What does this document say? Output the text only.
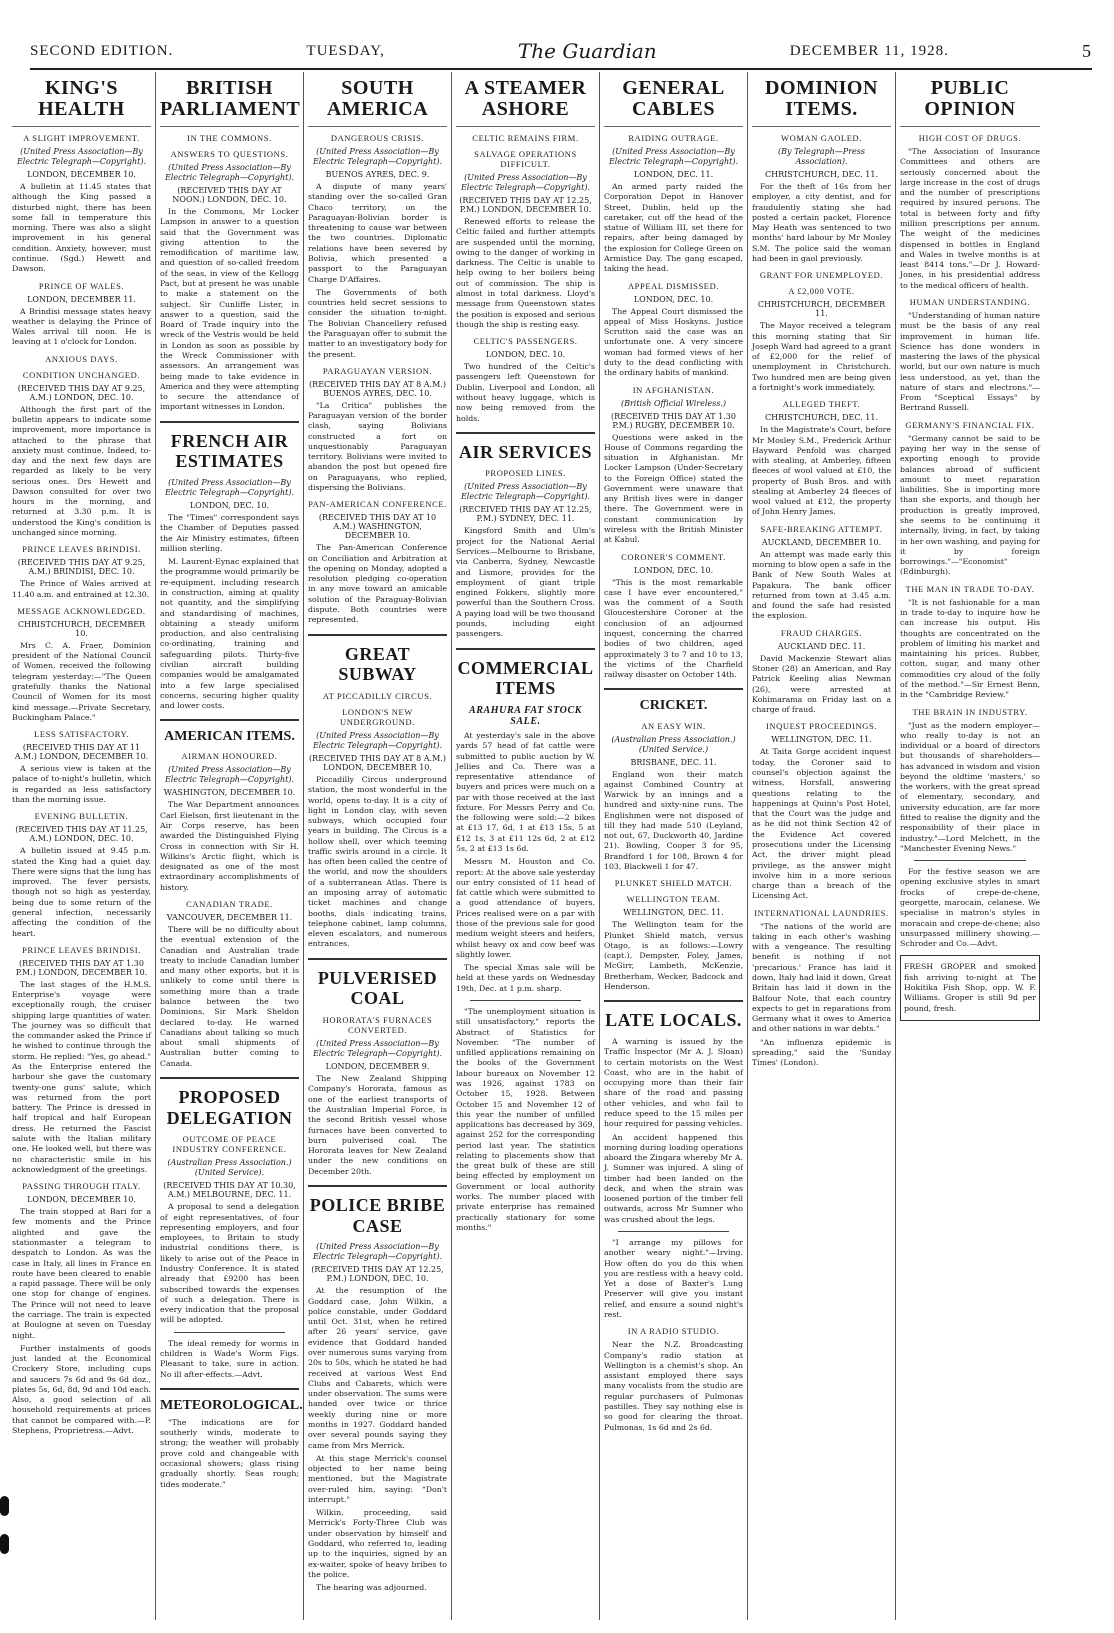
SECOND EDITION.	TUESDAY,	The Guardian	DECEMBER 11, 1928.	5
KING'S HEALTH
A SLIGHT IMPROVEMENT.
(United Press Association—By Electric Telegraph—Copyright).
LONDON, DECEMBER 10.

A bulletin at 11.45 states that although the King passed a disturbed night, there has been some fall in temperature this morning. There was also a slight improvement in his general condition. Anxiety, however, must continue. (Sgd.) Hewett and Dawson.

PRINCE OF WALES.
LONDON, DECEMBER 11.

A Brindisi message states heavy weather is delaying the Prince of Wales arrival till noon. He is leaving at 1 o'clock for London.

ANXIOUS DAYS.
CONDITION UNCHANGED.
(RECEIVED THIS DAY AT 9.25, A.M.) LONDON, DEC. 10.

Although the first part of the bulletin appears to indicate some improvement, more importance is attached to the phrase that anxiety must continue. Indeed, to-day and the next few days are regarded as likely to be very serious ones. Drs Hewett and Dawson consulted for over two hours in the morning, and returned at 3.30 p.m. It is understood the King's condition is unchanged since morning.

PRINCE LEAVES BRINDISI.
(RECEIVED THIS DAY AT 9.25, A.M.) BRINDISI, DEC. 10.

The Prince of Wales arrived at 11.40 a.m. and entrained at 12.30.

MESSAGE ACKNOWLEDGED.
CHRISTCHURCH, DECEMBER 10.

Mrs C. A. Fraer, Dominion president of the National Council of Women, received the following telegram yesterday:—"The Queen gratefully thanks the National Council of Women for its most kind message.—Private Secretary, Buckingham Palace."

LESS SATISFACTORY.
(RECEIVED THIS DAY AT 11 A.M.) LONDON, DECEMBER 10.

A serious view is taken at the palace of to-night's bulletin, which is regarded as less satisfactory than the morning issue.

EVENING BULLETIN.
(RECEIVED THIS DAY AT 11.25, A.M.) LONDON, DEC. 10.

A bulletin issued at 9.45 p.m. stated the King had a quiet day. There were signs that the lung has improved. The fever persists, though not so high as yesterday, being due to some return of the general infection, necessarily affecting the condition of the heart.

PRINCE LEAVES BRINDISI.
(RECEIVED THIS DAY AT 1.30 P.M.) LONDON, DECEMBER 10.

The last stages of the H.M.S. Enterprise's voyage were exceptionally rough, the cruiser shipping large quantities of water. The journey was so difficult that the commander asked the Prince if he wished to continue through the storm. He replied: "Yes, go ahead." As the Enterprise entered the harbour she gave the customary twenty-one guns' salute, which was returned from the port battery. The Prince is dressed in half tropical and half European dress. He returned the Fascist salute with the Italian military one. He looked well, but there was no characteristic smile in his acknowledgment of the greetings.

PASSING THROUGH ITALY.
LONDON, DECEMBER 10.

The train stopped at Bari for a few moments and the Prince alighted and gave the stationmaster a telegram to despatch to London. As was the case in Italy, all lines in France en route have been cleared to enable a rapid passage. There will be only one stop for change of engines. The Prince will not need to leave the carriage. The train is expected at Boulogne at seven on Tuesday night.

Further instalments of goods just landed at the Economical Crockery Store, including cups and saucers 7s 6d and 9s 6d doz., plates 5s, 6d, 8d, 9d and 10d each. Also, a good selection of all household requirements at prices that cannot be compared with.—P. Stephens, Proprietress.—Advt.

BRITISH PARLIAMENT
IN THE COMMONS.
ANSWERS TO QUESTIONS.
(United Press Association—By Electric Telegraph—Copyright).
(RECEIVED THIS DAY AT NOON.) LONDON, DEC. 10.

In the Commons, Mr Locker Lampson in answer to a question said that the Government was giving attention to the remodification of maritime law, and question of so-called freedom of the seas, in view of the Kellogg Pact, but at present he was unable to make a statement on the subject. Sir Cunliffe Lister, in answer to a question, said the Board of Trade inquiry into the wreck of the Vestris would be held in London as soon as possible by the Wreck Commissioner with assessors. An arrangement was being made to take evidence in America and they were attempting to secure the attendance of important witnesses in London.

FRENCH AIR ESTIMATES
(United Press Association—By Electric Telegraph—Copyright).
LONDON, DEC. 10.

The "Times" correspondent says the Chamber of Deputies passed the Air Ministry estimates, fifteen million sterling.

M. Laurent-Eynac explained that the programme would primarily be re-equipment, including research in construction, aiming at quality not quantity, and the simplifying and standardising of machines, obtaining a steady uniform production, and also centralising co-ordinating, training and safeguarding pilots. Thirty-five civilian aircraft building companies would be amalgamated into a few large specialised concerns, securing higher quality and lower costs.

AMERICAN ITEMS.
AIRMAN HONOURED.
(United Press Association—By Electric Telegraph—Copyright).
WASHINGTON, DECEMBER 10.

The War Department announces Carl Eielson, first lieutenant in the Air Corps reserve, has been awarded the Distinguished Flying Cross in connection with Sir H. Wilkins's Arctic flight, which is designated as one of the most extraordinary accomplishments of history.

CANADIAN TRADE.
VANCOUVER, DECEMBER 11.

There will be no difficulty about the eventual extension of the Canadian and Australian trade treaty to include Canadian lumber and many other exports, but it is unlikely to come until there is something more than a trade balance between the two Dominions, Sir Mark Sheldon declared to-day. He warned Canadians about talking so much about small shipments of Australian butter coming to Canada.

PROPOSED DELEGATION
OUTCOME OF PEACE INDUSTRY CONFERENCE.
(Australian Press Association.) (United Service).
(RECEIVED THIS DAY AT 10.30, A.M.) MELBOURNE, DEC. 11.

A proposal to send a delegation of eight representatives, of four representing employers, and four employees, to Britain to study industrial conditions there, is likely to arise out of the Peace in Industry Conference. It is stated already that £9200 has been subscribed towards the expenses of such a delegation. There is every indication that the proposal will be adopted.

The ideal remedy for worms in children is Wade's Worm Figs. Pleasant to take, sure in action. No ill after-effects.—Advt.

METEOROLOGICAL.

"The indications are for southerly winds, moderate to strong; the weather will probably prove cold and changeable with occasional showers; glass rising gradually shortly. Seas rough; tides moderate."

SOUTH AMERICA
DANGEROUS CRISIS.
(United Press Association—By Electric Telegraph—Copyright).
BUENOS AYRES, DEC. 9.

A dispute of many years' standing over the so-called Gran Chaco territory, on the Paraguayan-Bolivian border is threatening to cause war between the two countries. Diplomatic relations have been severed by Bolivia, which presented a passport to the Paraguayan Charge D'Affaires.

The Governments of both countries held secret sessions to consider the situation to-night. The Bolivian Chancellery refused the Paraguayan offer to submit the matter to an investigatory body for the present.

PARAGUAYAN VERSION.
(RECEIVED THIS DAY AT 8 A.M.) BUENOS AYRES, DEC. 10.

"La Critica" publishes the Paraguayan version of the border clash, saying Bolivians constructed a fort on unquestionably Paraguayan territory. Bolivians were invited to abandon the post but opened fire on Paraguayans, who replied, dispersing the Bolivians.

PAN-AMERICAN CONFERENCE.
(RECEIVED THIS DAY AT 10 A.M.) WASHINGTON, DECEMBER 10.

The Pan-American Conference on Conciliation and Arbitration at the opening on Monday, adopted a resolution pledging co-operation in any move toward an amicable solution of the Paraguay-Bolivian dispute. Both countries were represented.

GREAT SUBWAY
AT PICCADILLY CIRCUS.
LONDON'S NEW UNDERGROUND.
(United Press Association—By Electric Telegraph—Copyright).
(RECEIVED THIS DAY AT 8 A.M.) LONDON, DECEMBER 10.

Piccadilly Circus underground station, the most wonderful in the world, opens to-day. It is a city of light in London clay, with seven subways, which occupied four years in building. The Circus is a hollow shell, over which teeming traffic swirls around in a circle. It has often been called the centre of the world, and now the shoulders of a subterranean Atlas. There is an imposing array of automatic ticket machines and change booths, dials indicating trains, telephone cabinet, lamp columns, eleven escalators, and numerous entrances.

PULVERISED COAL
HORORATA'S FURNACES CONVERTED.
(United Press Association—By Electric Telegraph—Copyright).
LONDON, DECEMBER 9.

The New Zealand Shipping Company's Hororata, famous as one of the earliest transports of the Australian Imperial Force, is the second British vessel whose furnaces have been converted to burn pulverised coal. The Hororata leaves for New Zealand under the new conditions on December 20th.

POLICE BRIBE CASE
(United Press Association—By Electric Telegraph—Copyright).
(RECEIVED THIS DAY AT 12.25, P.M.) LONDON, DEC. 10.

At the resumption of the Goddard case, John Wilkin, a police constable, under Goddard until Oct. 31st, when he retired after 26 years' service, gave evidence that Goddard handed over numerous sums varying from 20s to 50s, which he stated he had received at various West End Clubs and Cabarets, which were under observation. The sums were handed over twice or thrice weekly during nine or more months in 1927. Goddard handed over several pounds saying they came from Mrs Merrick.

At this stage Merrick's counsel objected to her name being mentioned, but the Magistrate over-ruled him, saying: "Don't interrupt."

Wilkin, proceeding, said Merrick's Forty-Three Club was under observation by himself and Goddard, who referred to, leading up to the inquiries, signed by an ex-waiter, spoke of heavy bribes to the police.

The hearing was adjourned.

A STEAMER ASHORE
CELTIC REMAINS FIRM.
SALVAGE OPERATIONS DIFFICULT.
(United Press Association—By Electric Telegraph—Copyright).
(RECEIVED THIS DAY AT 12.25, P.M.) LONDON, DECEMBER 10.

Renewed efforts to release the Celtic failed and further attempts are suspended until the morning, owing to the danger of working in darkness. The Celtic is unable to help owing to her boilers being out of commission. The ship is almost in total darkness. Lloyd's message from Queenstown states the position is exposed and serious though the ship is resting easy.

CELTIC'S PASSENGERS.
LONDON, DEC. 10.

Two hundred of the Celtic's passengers left Queenstown for Dublin, Liverpool and London, all without heavy luggage, which is now being removed from the holds.

AIR SERVICES
PROPOSED LINES.
(United Press Association—By Electric Telegraph—Copyright).
(RECEIVED THIS DAY AT 12.25, P.M.) SYDNEY, DEC. 11.

Kingsford Smith and Ulm's project for the National Aerial Services—Melbourne to Brisbane, via Canberra, Sydney, Newcastle and Lismore, provides for the employment of giant triple engined Fokkers, slightly more powerful than the Southern Cross. A paying load will be two thousand pounds, including eight passengers.

COMMERCIAL ITEMS
ARAHURA FAT STOCK SALE.

At yesterday's sale in the above yards 57 head of fat cattle were submitted to public auction by W. Jellies and Co. There was a representative attendance of buyers and prices were much on a par with those received at the last fixture. For Messrs Perry and Co. the following were sold:—2 bikes at £13 17, 6d, 1 at £13 15s, 5 at £12 1s, 3 at £11 12s 6d, 2 at £12 5s, 2 at £13 1s 6d.

Messrs M. Houston and Co. report: At the above sale yesterday our entry consisted of 11 head of fat cattle which were submitted to a good attendance of buyers. Prices realised were on a par with those of the previous sale for good medium weight steers and heifers, whilst heavy ox and cow beef was slightly lower.

The special Xmas sale will be held at these yards on Wednesday 19th, Dec. at 1 p.m. sharp.

"The unemployment situation is still unsatisfactory," reports the Abstract of Statistics for November. "The number of unfilled applications remaining on the books of the Government labour bureaux on November 12 was 1926, against 1783 on October 15, 1928. Between October 15 and November 12 of this year the number of unfilled applications has decreased by 369, against 252 for the corresponding period last year. The statistics relating to placements show that the great bulk of these are still being effected by employment on Government or local authority works. The number placed with private enterprise has remained practically stationary for some months."

GENERAL CABLES
RAIDING OUTRAGE.
(United Press Association—By Electric Telegraph—Copyright).
LONDON, DEC. 11.

An armed party raided the Corporation Depot in Hanover Street, Dublin, held up the caretaker, cut off the head of the statue of William III, set there for repairs, after being damaged by the explosion for College Green on Armistice Day. The gang escaped, taking the head.

APPEAL DISMISSED.
LONDON, DEC. 10.

The Appeal Court dismissed the appeal of Miss Hoskyns. Justice Scrutton said the case was an unfortunate one. A very sincere woman had formed views of her duty to the dead conflicting with the ordinary habits of mankind.

IN AFGHANISTAN.
(British Official Wireless.)
(RECEIVED THIS DAY AT 1.30 P.M.) RUGBY, DECEMBER 10.

Questions were asked in the House of Commons regarding the situation in Afghanistan. Mr Locker Lampson (Under-Secretary to the Foreign Office) stated the Government were unaware that any British lives were in danger there. The Government were in constant communication by wireless with the British Minister at Kabul.

CORONER'S COMMENT.
LONDON, DEC. 10.

"This is the most remarkable case I have ever encountered," was the comment of a South Gloucestershire Coroner at the conclusion of an adjourned inquest, concerning the charred bodies of two children, aged approximately 3 to 7 and 10 to 13, the victims of the Charfield railway disaster on October 14th.

CRICKET.
AN EASY WIN.
(Australian Press Association.) (United Service.)
BRISBANE, DEC. 11.

England won their match against Combined Country at Warwick by an innings and a hundred and sixty-nine runs. The Englishmen were not disposed of till they had made 510 (Leyland, not out, 67, Duckworth 40, Jardine 21). Bowling, Cooper 3 for 95, Brandford 1 for 108, Brown 4 for 103, Blackwell 1 for 47.

PLUNKET SHIELD MATCH.
WELLINGTON TEAM.
WELLINGTON, DEC. 11.

The Wellington team for the Plunket Shield match, versus Otago, is as follows:—Lowry (capt.), Dempster, Foley, James, McGirr, Lambeth, McKenzie, Bretherham, Wecker, Badcock and Henderson.

LATE LOCALS.

A warning is issued by the Traffic Inspector (Mr A. J. Sloan) to certain motorists on the West Coast, who are in the habit of occupying more than their fair share of the road and passing other vehicles, and who fail to reduce speed to the 15 miles per hour required for passing vehicles.

An accident happened this morning during loading operations aboard the Zingara whereby Mr A. J. Sumner was injured. A sling of timber had been landed on the deck, and when the strain was loosened portion of the timber fell outwards, across Mr Sumner who was crushed about the legs.

"I arrange my pillows for another weary night."—Irving. How often do you do this when you are restless with a heavy cold. Yet a dose of Baxter's Lung Preserver will give you instant relief, and ensure a sound night's rest.

IN A RADIO STUDIO.

Near the N.Z. Broadcasting Company's radio station at Wellington is a chemist's shop. An assistant employed there says many vocalists from the studio are regular purchasers of Pulmonas pastilles. They say nothing else is so good for clearing the throat. Pulmonas, 1s 6d and 2s 6d.

DOMINION ITEMS.
WOMAN GAOLED.
(By Telegraph—Press Association).
CHRISTCHURCH, DEC. 11.

For the theft of 16s from her employer, a city dentist, and for fraudulently stating she had posted a certain packet, Florence May Heath was sentenced to two months' hard labour by Mr Mosley S.M. The police said the woman had been in gaol previously.

GRANT FOR UNEMPLOYED.
A £2,000 VOTE.
CHRISTCHURCH, DECEMBER 11.

The Mayor received a telegram this morning stating that Sir Joseph Ward had agreed to a grant of £2,000 for the relief of unemployment in Christchurch. Two hundred men are being given a fortnight's work immediately.

ALLEGED THEFT.
CHRISTCHURCH, DEC. 11.

In the Magistrate's Court, before Mr Mosley S.M., Frederick Arthur Hayward Penfold was charged with stealing, at Amberley, fifteen fleeces of wool valued at £10, the property of Bush Bros. and with stealing at Amberley 24 fleeces of wool valued at £12, the property of John Henry James.

SAFE-BREAKING ATTEMPT.
AUCKLAND, DECEMBER 10.

An attempt was made early this morning to blow open a safe in the Bank of New South Wales at Papakura. The bank officer returned from town at 3.45 a.m. and found the safe had resisted the explosion.

FRAUD CHARGES.
AUCKLAND DEC. 11.

David Mackenzie Stewart alias Stoner (28) an American, and Ray Patrick Keeling alias Newman (26), were arrested at Kohimarama on Friday last on a charge of fraud.

INQUEST PROCEEDINGS.
WELLINGTON, DEC. 11.

At Taita Gorge accident inquest today, the Coroner said to counsel's objection against the witness, Horsfall, answering questions relating to the happenings at Quinn's Post Hotel, that the Court was the judge and as he did not think Section 42 of the Evidence Act covered prosecutions under the Licensing Act, the driver might plead privilege, as the answer might involve him in a more serious charge than a breach of the Licensing Act.

INTERNATIONAL LAUNDRIES.

"The nations of the world are taking in each other's washing with a vengeance. The resulting benefit is nothing if not 'precarious.' France has laid it down, Italy had laid it down, Great Britain has laid it down in the Balfour Note, that each country expects to get in reparations from Germany what it owes to America and other nations in war debts."

"An influenza epidemic is spreading," said the 'Sunday Times' (London).

PUBLIC OPINION
HIGH COST OF DRUGS.

"The Association of Insurance Committees and others are seriously concerned about the large increase in the cost of drugs and the number of prescriptions required by insured persons. The total is between forty and fifty million prescriptions per annum. The weight of the medicines dispensed in bottles in England and Wales in twelve months is at least 8414 tons."—Dr J. Howard-Jones, in his presidential address to the medical officers of health.

HUMAN UNDERSTANDING.

"Understanding of human nature must be the basis of any real improvement in human life. Science has done wonders in mastering the laws of the physical world, but our own nature is much less understood, as yet, than the nature of stars and electrons."—From "Sceptical Essays" by Bertrand Russell.

GERMANY'S FINANCIAL FIX.

"Germany cannot be said to be paying her way in the sense of exporting enough to provide balances abroad of sufficient amount to meet reparation liabilities. She is importing more than she exports, and though her production is greatly improved, she seems to be continuing it internally, living, in fact, by taking in her own washing, and paying for it by foreign borrowings."—"Economist" (Edinburgh).

THE MAN IN TRADE TO-DAY.

"It is not fashionable for a man in trade to-day to inquire how he can increase his output. His thoughts are concentrated on the problem of limiting his market and maintaining his prices. Rubber, cotton, sugar, and many other commodities cry aloud of the folly of the method."—Sir Ernest Benn, in the "Cambridge Review."

THE BRAIN IN INDUSTRY.

"Just as the modern employer—who really to-day is not an individual or a board of directors but thousands of shareholders—has advanced in wisdom and vision beyond the oldtime 'masters,' so the workers, with the great spread of elementary, secondary, and university education, are far more fitted to realise the dignity and the responsibility of their place in industry."—Lord Melchett, in the "Manchester Evening News."

For the festive season we are opening exclusive styles in smart frocks of crepe-de-chene, georgette, marocain, celanese. We specialise in matron's styles in moracain and crepe-de-chene; also unsurpassed millinery showing.—Schroder and Co.—Advt.

FRESH GROPER and smoked fish arriving to-night at The Hokitika Fish Shop, opp. W. F. Williams. Groper is still 9d per pound, fresh.
